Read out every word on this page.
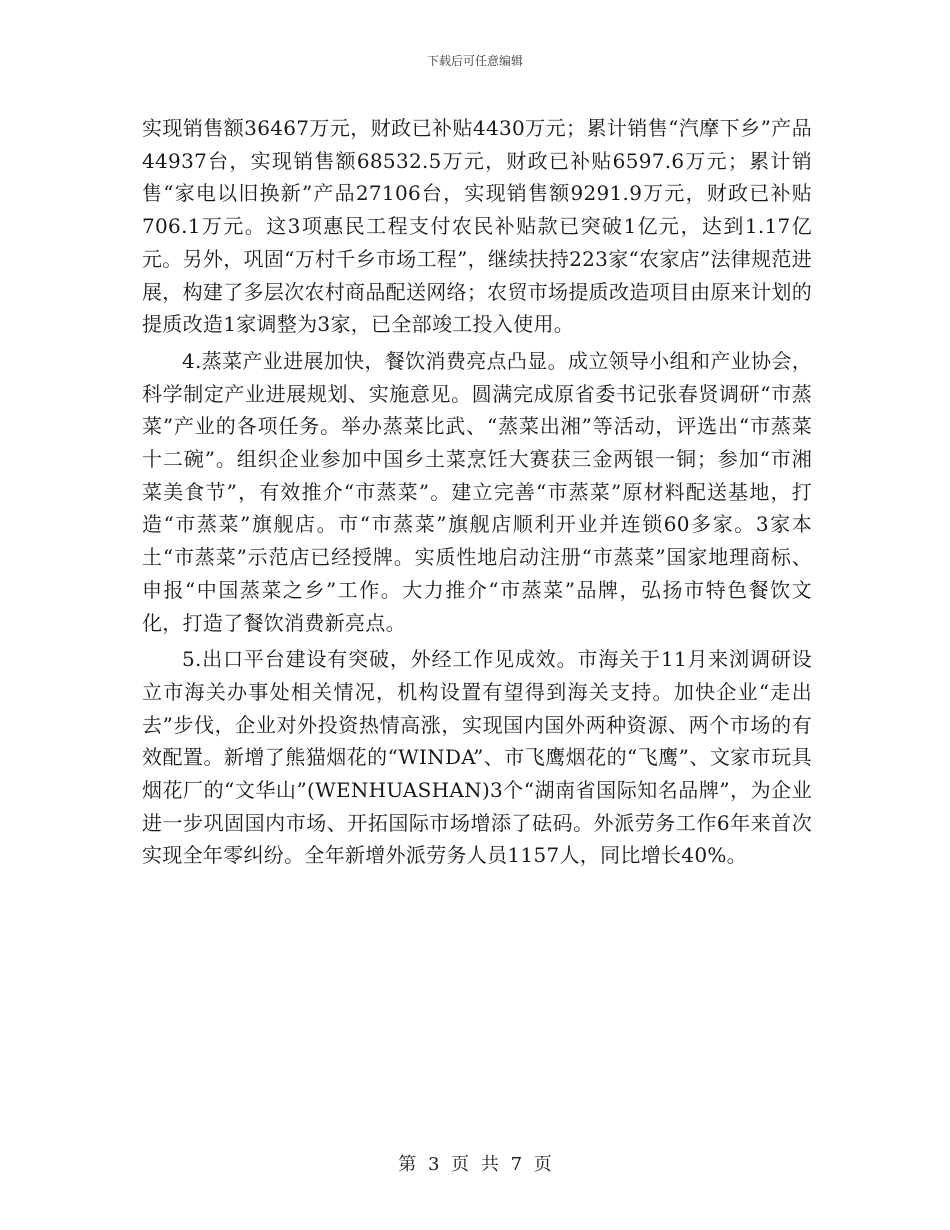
下载后可任意编辑

实现销售额36467万元，财政已补贴4430万元；累计销售“汽摩下乡”产品44937台，实现销售额68532.5万元，财政已补贴6597.6万元；累计销售“家电以旧换新”产品27106台，实现销售额9291.9万元，财政已补贴706.1万元。这3项惠民工程支付农民补贴款已突破1亿元，达到1.17亿元。另外，巩固“万村千乡市场工程”，继续扶持223家“农家店”法律规范进展，构建了多层次农村商品配送网络；农贸市场提质改造项目由原来计划的提质改造1家调整为3家，已全部竣工投入使用。

4.蒸菜产业进展加快，餐饮消费亮点凸显。成立领导小组和产业协会，科学制定产业进展规划、实施意见。圆满完成原省委书记张春贤调研“市蒸菜”产业的各项任务。举办蒸菜比武、“蒸菜出湘”等活动，评选出“市蒸菜十二碗”。组织企业参加中国乡土菜烹饪大赛获三金两银一铜；参加“市湘菜美食节”，有效推介“市蒸菜”。建立完善“市蒸菜”原材料配送基地，打造“市蒸菜”旗舰店。市“市蒸菜”旗舰店顺利开业并连锁60多家。3家本土“市蒸菜”示范店已经授牌。实质性地启动注册“市蒸菜”国家地理商标、申报“中国蒸菜之乡”工作。大力推介“市蒸菜”品牌，弘扬市特色餐饮文化，打造了餐饮消费新亮点。

5.出口平台建设有突破，外经工作见成效。市海关于11月来浏调研设立市海关办事处相关情况，机构设置有望得到海关支持。加快企业“走出去”步伐，企业对外投资热情高涨，实现国内国外两种资源、两个市场的有效配置。新增了熊猫烟花的“WINDA”、市飞鹰烟花的“飞鹰”、文家市玩具烟花厂的“文华山”(WENHUASHAN)3个“湖南省国际知名品牌”，为企业进一步巩固国内市场、开拓国际市场增添了砝码。外派劳务工作6年来首次实现全年零纠纷。全年新增外派劳务人员1157人，同比增长40%。

第 3 页 共 7 页
